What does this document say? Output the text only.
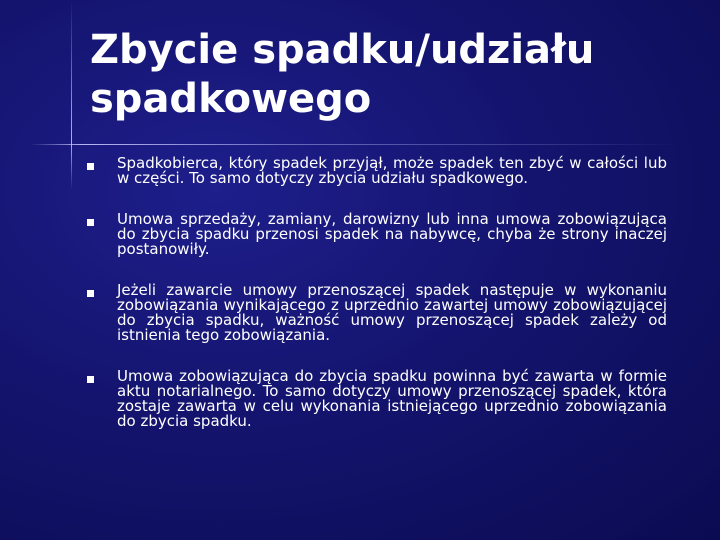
Zbycie spadku/udziału spadkowego
Spadkobierca, który spadek przyjął, może spadek ten zbyć w całości lub w części. To samo dotyczy zbycia udziału spadkowego.
Umowa sprzedaży, zamiany, darowizny lub inna umowa zobowiązująca do zbycia spadku przenosi spadek na nabywcę, chyba że strony inaczej postanowiły.
Jeżeli zawarcie umowy przenoszącej spadek następuje w wykonaniu zobowiązania wynikającego z uprzednio zawartej umowy zobowiązującej do zbycia spadku, ważność umowy przenoszącej spadek zależy od istnienia tego zobowiązania.
Umowa zobowiązująca do zbycia spadku powinna być zawarta w formie aktu notarialnego. To samo dotyczy umowy przenoszącej spadek, która zostaje zawarta w celu wykonania istniejącego uprzednio zobowiązania do zbycia spadku.
